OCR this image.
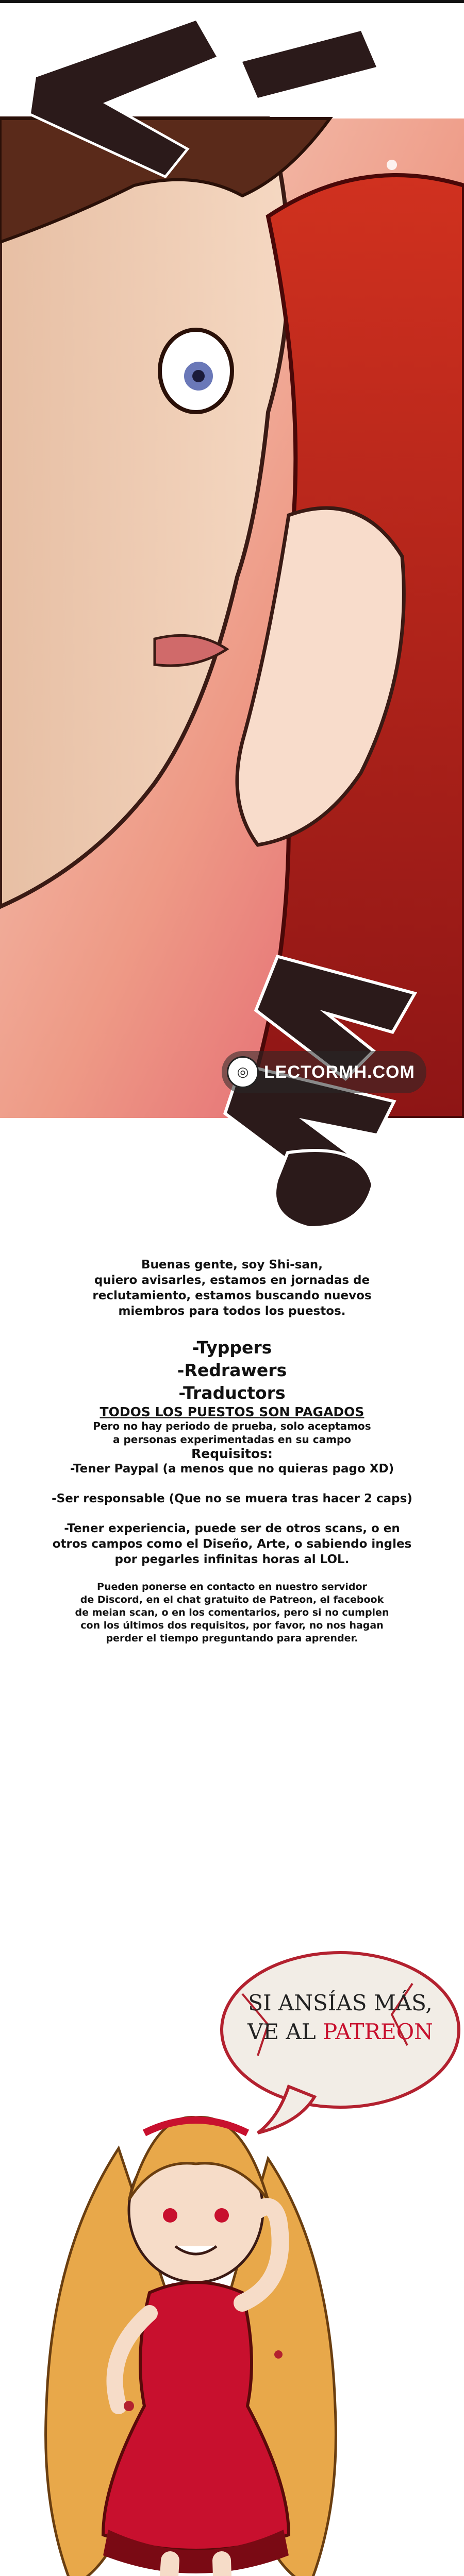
◎ LECTORMH.COM

Buenas gente, soy Shi-san,

quiero avisarles, estamos en jornadas de

reclutamiento, estamos buscando nuevos

miembros para todos los puestos.

-Typpers

-Redrawers

-Traductors

TODOS LOS PUESTOS SON PAGADOS

Pero no hay periodo de prueba, solo aceptamos

a personas experimentadas en su campo

Requisitos:

-Tener Paypal (a menos que no quieras pago XD)

-Ser responsable (Que no se muera tras hacer 2 caps)

-Tener experiencia, puede ser de otros scans, o en

otros campos como el Diseño, Arte, o sabiendo ingles

por pegarles infinitas horas al LOL.

Pueden ponerse en contacto en nuestro servidor

de Discord, en el chat gratuito de Patreon, el facebook

de meian scan, o en los comentarios, pero si no cumplen

con los últimos dos requisitos, por favor, no nos hagan

perder el tiempo preguntando para aprender.

SI ANSÍAS MÁS,
VE AL PATREON
